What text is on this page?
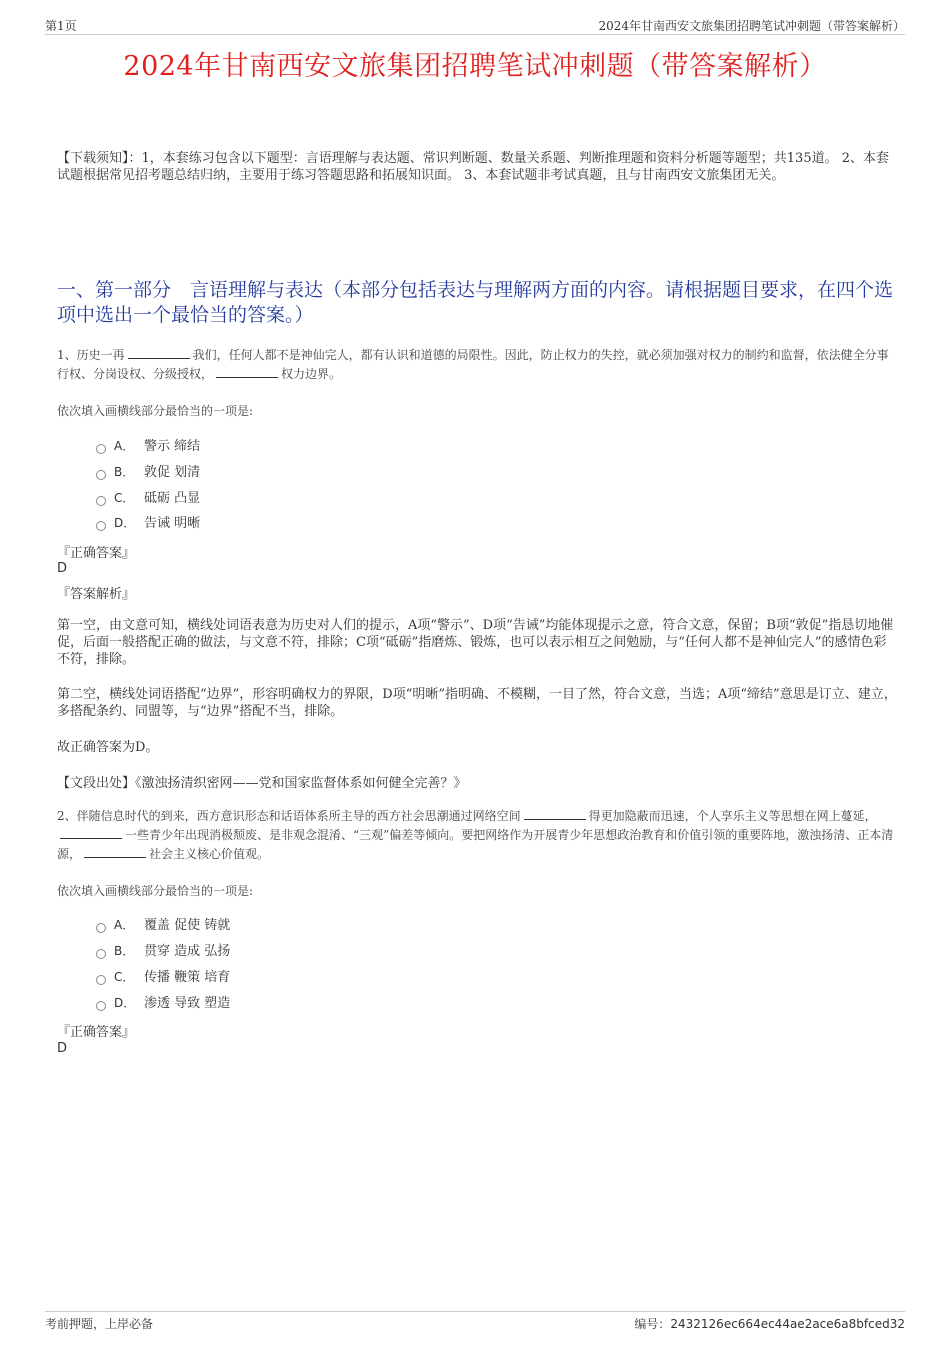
第1页	2024年甘南西安文旅集团招聘笔试冲刺题（带答案解析）
2024年甘南西安文旅集团招聘笔试冲刺题（带答案解析）
【下载须知】：1，本套练习包含以下题型：言语理解与表达题、常识判断题、数量关系题、判断推理题和资料分析题等题型；共135道。 2、本套试题根据常见招考题总结归纳，主要用于练习答题思路和拓展知识面。 3、本套试题非考试真题，且与甘南西安文旅集团无关。
一、第一部分　言语理解与表达（本部分包括表达与理解两方面的内容。请根据题目要求，在四个选项中选出一个最恰当的答案。）
1、历史一再	我们，任何人都不是神仙完人，都有认识和道德的局限性。因此，防止权力的失控，就必须加强对权力的制约和监督，依法健全分事行权、分岗设权、分级授权，	权力边界。
依次填入画横线部分最恰当的一项是:
A． 警示 缔结
B． 敦促 划清
C． 砥砺 凸显
D． 告诫 明晰
『正确答案』
D
『答案解析』
第一空，由文意可知，横线处词语表意为历史对人们的提示，A项“警示”、D项“告诫”均能体现提示之意，符合文意，保留；B项“敦促”指恳切地催促，后面一般搭配正确的做法，与文意不符，排除；C项“砥砺”指磨炼、锻炼，也可以表示相互之间勉励，与“任何人都不是神仙完人”的感情色彩不符，排除。
第二空，横线处词语搭配“边界”，形容明确权力的界限，D项“明晰”指明确、不模糊，一目了然，符合文意，当选；A项“缔结”意思是订立、建立，多搭配条约、同盟等，与“边界”搭配不当，排除。
故正确答案为D。
【文段出处】《激浊扬清织密网——党和国家监督体系如何健全完善？》
2、伴随信息时代的到来，西方意识形态和话语体系所主导的西方社会思潮通过网络空间	得更加隐蔽而迅速，个人享乐主义等思想在网上蔓延，一些青少年出现消极颓废、是非观念混淆、“三观”偏差等倾向。要把网络作为开展青少年思想政治教育和价值引领的重要阵地，激浊扬清、正本清源，	社会主义核心价值观。
依次填入画横线部分最恰当的一项是:
A． 覆盖 促使 铸就
B． 贯穿 造成 弘扬
C． 传播 鞭策 培育
D． 渗透 导致 塑造
『正确答案』
D
考前押题，上岸必备	编号：2432126ec664ec44ae2ace6a8bfced32
